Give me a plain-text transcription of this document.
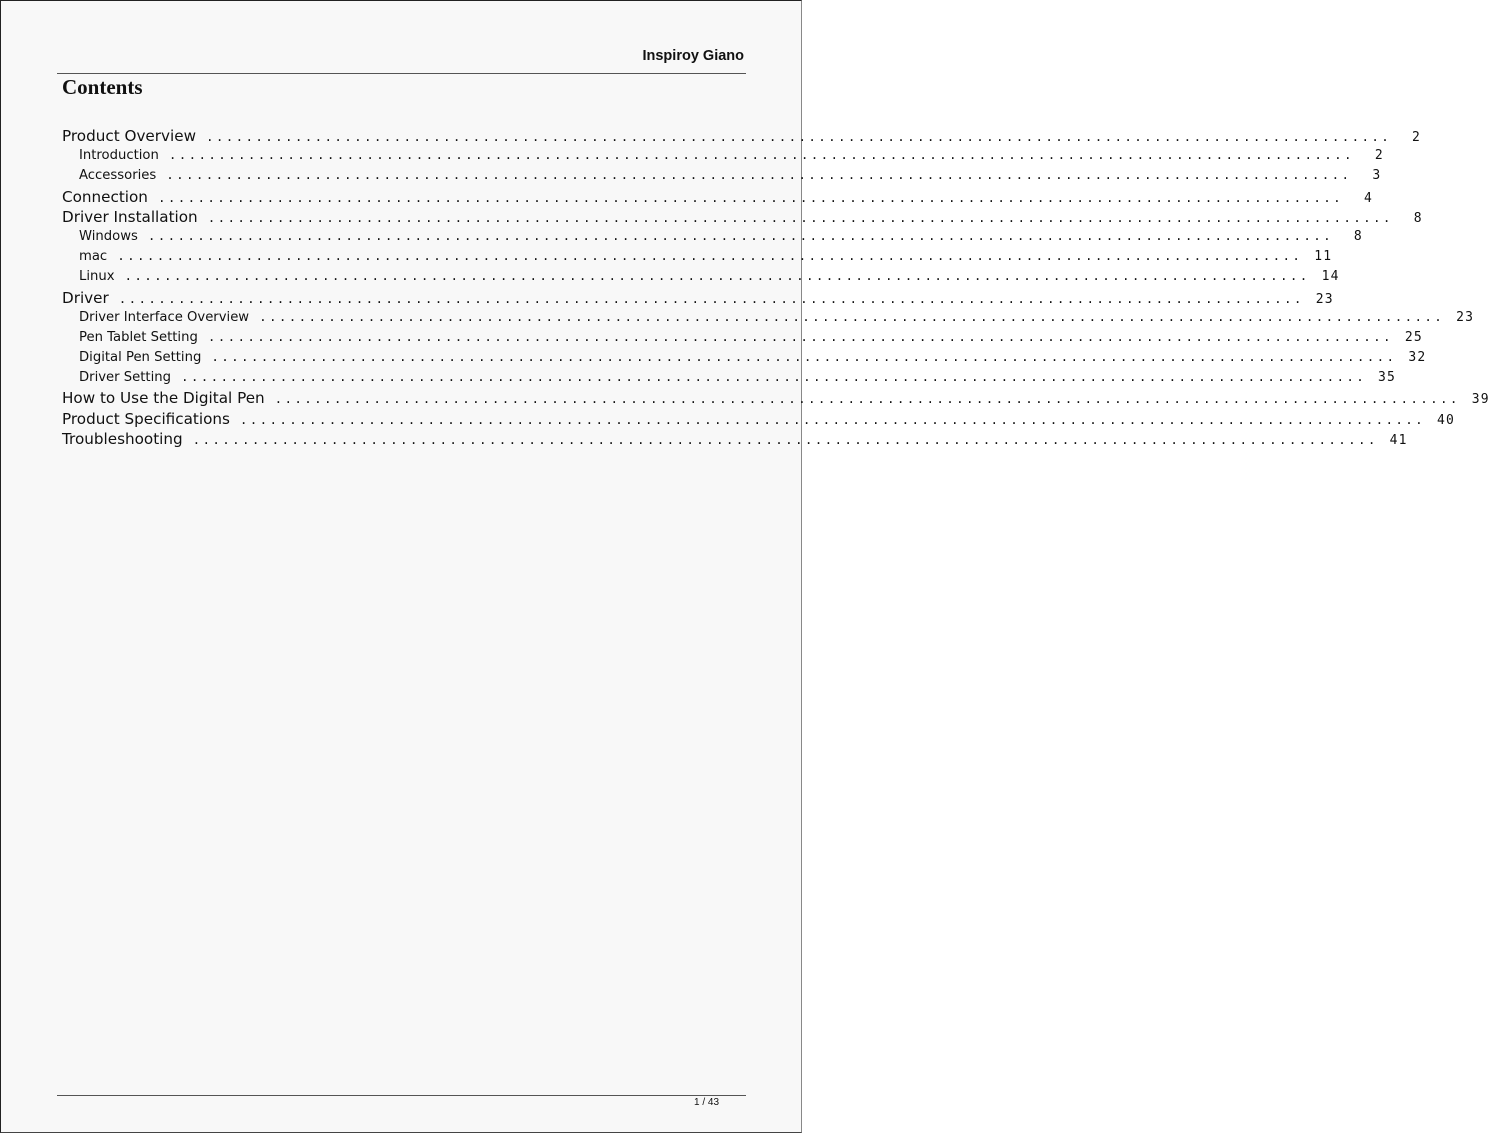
Inspiroy Giano
Contents
Product Overview ........................................................................................................................	2
Introduction ........................................................................................................................	2
Accessories ........................................................................................................................	3
Connection ........................................................................................................................	4
Driver Installation ........................................................................................................................	8
Windows ........................................................................................................................	8
mac ........................................................................................................................ 11
Linux ........................................................................................................................ 14
Driver ........................................................................................................................ 23
Driver Interface Overview ........................................................................................................................ 23
Pen Tablet Setting ........................................................................................................................ 25
Digital Pen Setting ........................................................................................................................ 32
Driver Setting ........................................................................................................................ 35
How to Use the Digital Pen ........................................................................................................................ 39
Product Specifications ........................................................................................................................ 40
Troubleshooting ........................................................................................................................ 41
1 / 43
